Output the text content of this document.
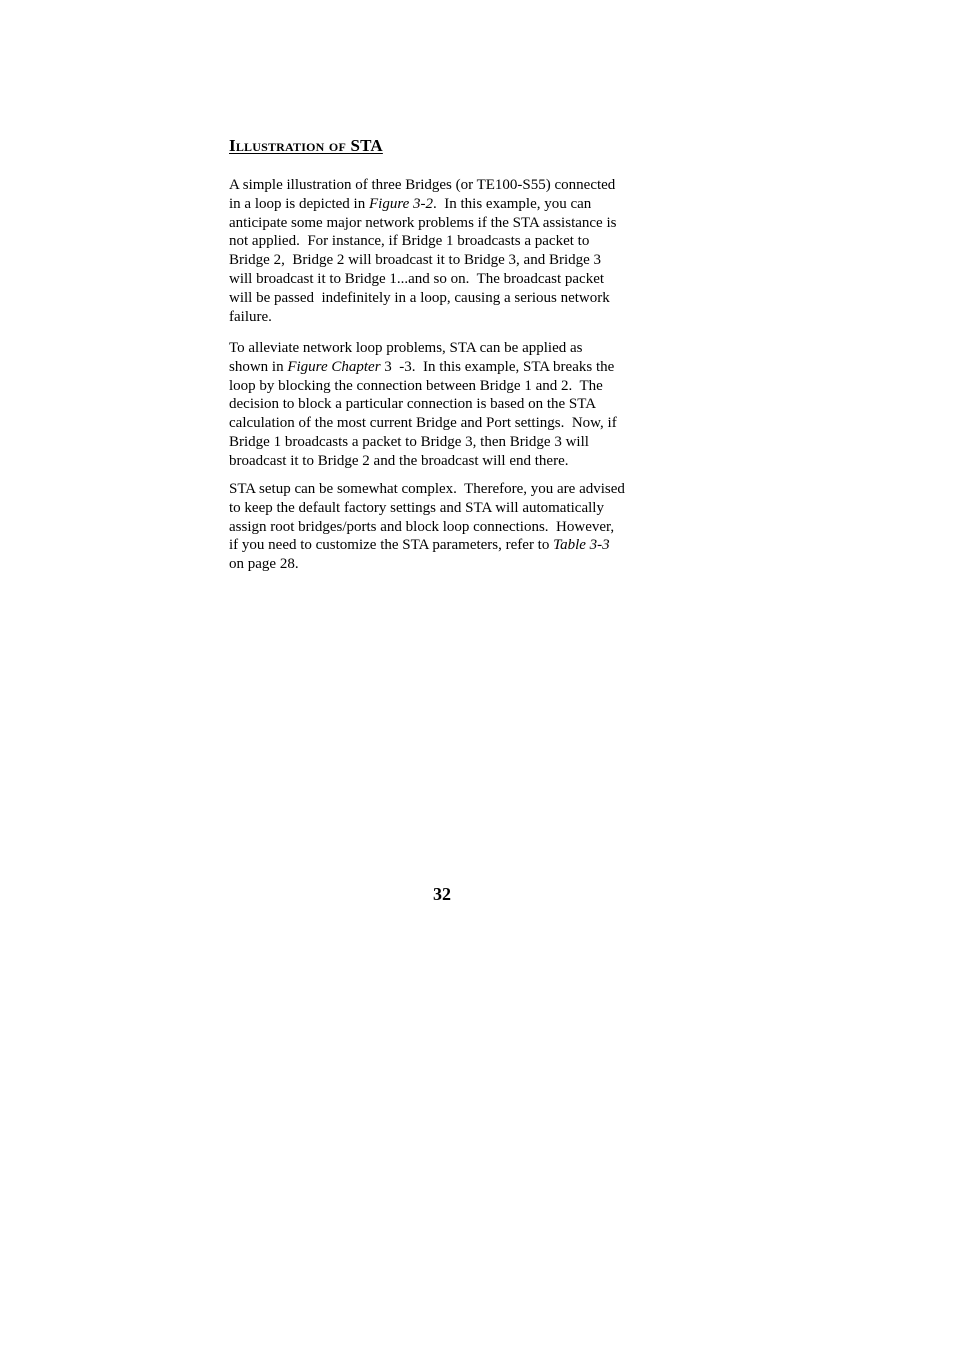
Illustration of STA
A simple illustration of three Bridges (or TE100-S55) connected
in a loop is depicted in Figure 3-2.  In this example, you can
anticipate some major network problems if the STA assistance is
not applied.  For instance, if Bridge 1 broadcasts a packet to
Bridge 2,  Bridge 2 will broadcast it to Bridge 3, and Bridge 3
will broadcast it to Bridge 1...and so on.  The broadcast packet
will be passed  indefinitely in a loop, causing a serious network
failure.
To alleviate network loop problems, STA can be applied as
shown in Figure Chapter 3  -3.  In this example, STA breaks the
loop by blocking the connection between Bridge 1 and 2.  The
decision to block a particular connection is based on the STA
calculation of the most current Bridge and Port settings.  Now, if
Bridge 1 broadcasts a packet to Bridge 3, then Bridge 3 will
broadcast it to Bridge 2 and the broadcast will end there.
STA setup can be somewhat complex.  Therefore, you are advised
to keep the default factory settings and STA will automatically
assign root bridges/ports and block loop connections.  However,
if you need to customize the STA parameters, refer to Table 3-3
on page 28.
32
